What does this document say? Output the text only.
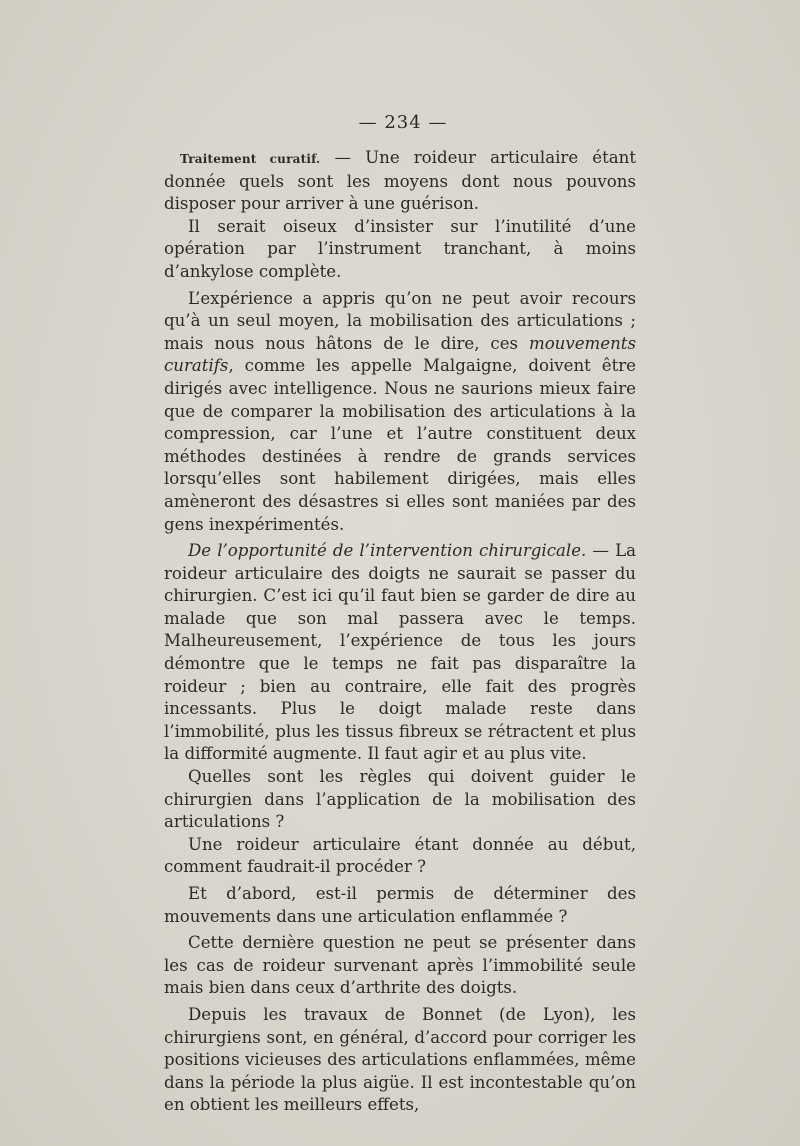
— 234 —

Traitement curatif. — Une roideur articulaire étant donnée quels sont les moyens dont nous pouvons disposer pour arriver à une guérison.

Il serait oiseux d’insister sur l’inutilité d’une opération par l’instrument tranchant, à moins d’ankylose complète.

L’expérience a appris qu’on ne peut avoir recours qu’à un seul moyen, la mobilisation des articulations ; mais nous nous hâtons de le dire, ces mouvements curatifs, comme les appelle Malgaigne, doivent être dirigés avec intelligence. Nous ne saurions mieux faire que de comparer la mobilisation des articulations à la compression, car l’une et l’autre constituent deux méthodes destinées à rendre de grands services lorsqu’elles sont habilement dirigées, mais elles amèneront des désastres si elles sont maniées par des gens inexpérimentés.

De l’opportunité de l’intervention chirurgicale. — La roideur articulaire des doigts ne saurait se passer du chirurgien. C’est ici qu’il faut bien se garder de dire au malade que son mal passera avec le temps. Malheureusement, l’expérience de tous les jours démontre que le temps ne fait pas disparaître la roideur ; bien au contraire, elle fait des progrès incessants. Plus le doigt malade reste dans l’immobilité, plus les tissus fibreux se rétractent et plus la difformité augmente. Il faut agir et au plus vite.

Quelles sont les règles qui doivent guider le chirurgien dans l’application de la mobilisation des articulations ?

Une roideur articulaire étant donnée au début, comment faudrait-il procéder ?

Et d’abord, est-il permis de déterminer des mouvements dans une articulation enflammée ?

Cette dernière question ne peut se présenter dans les cas de roideur survenant après l’immobilité seule mais bien dans ceux d’arthrite des doigts.

Depuis les travaux de Bonnet (de Lyon), les chirurgiens sont, en général, d’accord pour corriger les positions vicieuses des articulations enflammées, même dans la période la plus aigüe. Il est incontestable qu’on en obtient les meilleurs effets,
